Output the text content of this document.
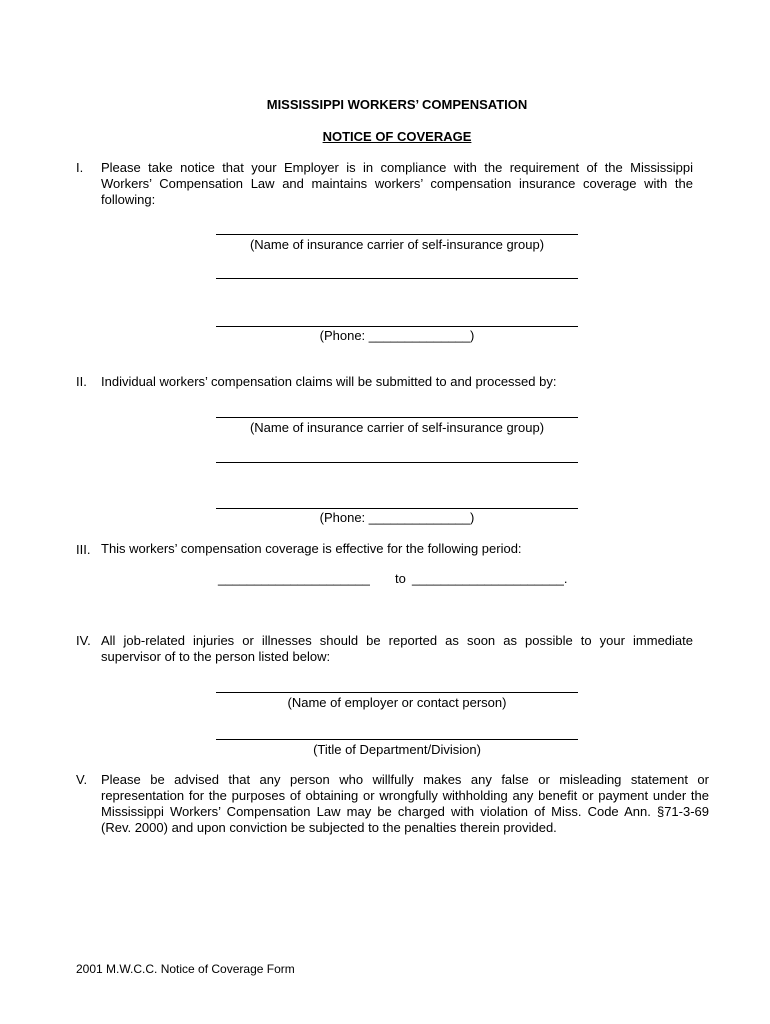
MISSISSIPPI WORKERS’ COMPENSATION
NOTICE OF COVERAGE
I. Please take notice that your Employer is in compliance with the requirement of the Mississippi Workers’ Compensation Law and maintains workers’ compensation insurance coverage with the following:
(Name of insurance carrier of self-insurance group)
(Phone: ______________)
II. Individual workers’ compensation claims will be submitted to and processed by:
(Name of insurance carrier of self-insurance group)
(Phone: ______________)
III. This workers’ compensation coverage is effective for the following period:
_____________________ to _____________________.
IV. All job-related injuries or illnesses should be reported as soon as possible to your immediate supervisor of to the person listed below:
(Name of employer or contact person)
(Title of Department/Division)
V. Please be advised that any person who willfully makes any false or misleading statement or representation for the purposes of obtaining or wrongfully withholding any benefit or payment under the Mississippi Workers’ Compensation Law may be charged with violation of Miss. Code Ann. §71-3-69 (Rev. 2000) and upon conviction be subjected to the penalties therein provided.
2001 M.W.C.C. Notice of Coverage Form
